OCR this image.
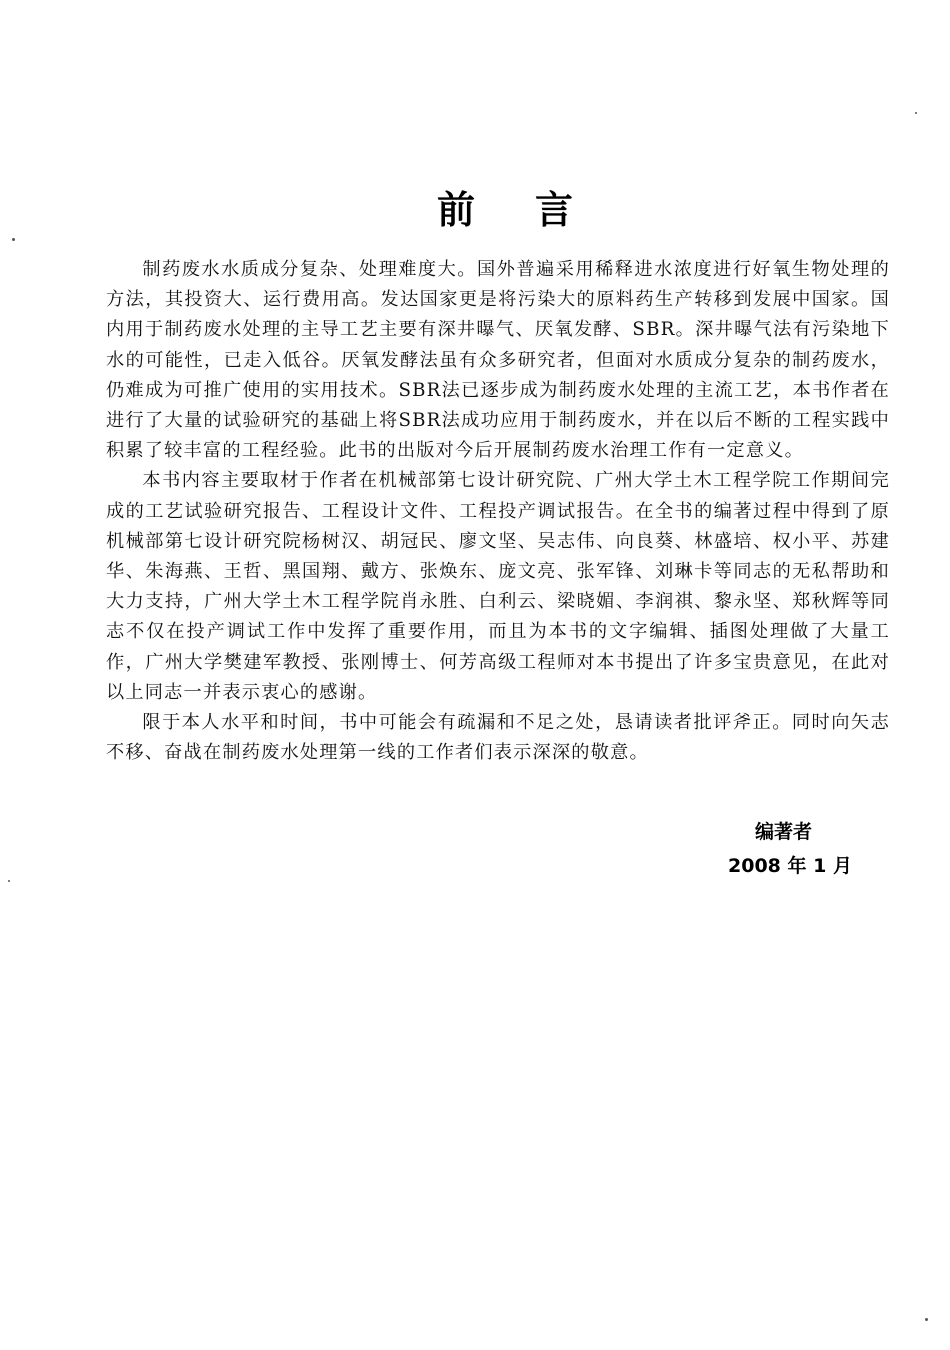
前言

制药废水水质成分复杂、处理难度大。国外普遍采用稀释进水浓度进行好氧生物处理的方法，其投资大、运行费用高。发达国家更是将污染大的原料药生产转移到发展中国家。国内用于制药废水处理的主导工艺主要有深井曝气、厌氧发酵、SBR。深井曝气法有污染地下水的可能性，已走入低谷。厌氧发酵法虽有众多研究者，但面对水质成分复杂的制药废水，仍难成为可推广使用的实用技术。SBR法已逐步成为制药废水处理的主流工艺，本书作者在进行了大量的试验研究的基础上将SBR法成功应用于制药废水，并在以后不断的工程实践中积累了较丰富的工程经验。此书的出版对今后开展制药废水治理工作有一定意义。

本书内容主要取材于作者在机械部第七设计研究院、广州大学土木工程学院工作期间完成的工艺试验研究报告、工程设计文件、工程投产调试报告。在全书的编著过程中得到了原机械部第七设计研究院杨树汉、胡冠民、廖文坚、吴志伟、向良葵、林盛培、权小平、苏建华、朱海燕、王哲、黑国翔、戴方、张焕东、庞文亮、张军锋、刘琳卡等同志的无私帮助和大力支持，广州大学土木工程学院肖永胜、白利云、梁晓媚、李润祺、黎永坚、郑秋辉等同志不仅在投产调试工作中发挥了重要作用，而且为本书的文字编辑、插图处理做了大量工作，广州大学樊建军教授、张刚博士、何芳高级工程师对本书提出了许多宝贵意见，在此对以上同志一并表示衷心的感谢。

限于本人水平和时间，书中可能会有疏漏和不足之处，恳请读者批评斧正。同时向矢志不移、奋战在制药废水处理第一线的工作者们表示深深的敬意。

编著者
2008 年 1 月
